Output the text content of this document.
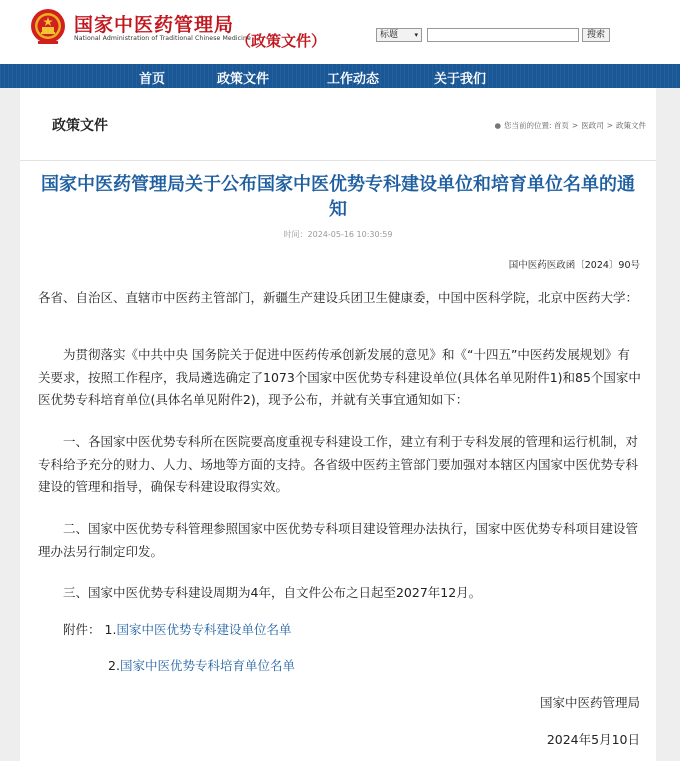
国家中医药管理局
National Administration of Traditional Chinese Medicine
（政策文件）	标题 ▾	搜索
首页	政策文件	工作动态	关于我们
政策文件	● 您当前的位置: 首页 > 医政司 > 政策文件
国家中医药管理局关于公布国家中医优势专科建设单位和培育单位名单的通知
时间：2024-05-16 10:30:59
国中医药医政函〔2024〕90号
各省、自治区、直辖市中医药主管部门，新疆生产建设兵团卫生健康委，中国中医科学院，北京中医药大学：
为贯彻落实《中共中央 国务院关于促进中医药传承创新发展的意见》和《“十四五”中医药发展规划》有关要求，按照工作程序，我局遴选确定了1073个国家中医优势专科建设单位(具体名单见附件1)和85个国家中医优势专科培育单位(具体名单见附件2)，现予公布，并就有关事宜通知如下：
一、各国家中医优势专科所在医院要高度重视专科建设工作，建立有利于专科发展的管理和运行机制，对专科给予充分的财力、人力、场地等方面的支持。各省级中医药主管部门要加强对本辖区内国家中医优势专科建设的管理和指导，确保专科建设取得实效。
二、国家中医优势专科管理参照国家中医优势专科项目建设管理办法执行，国家中医优势专科项目建设管理办法另行制定印发。
三、国家中医优势专科建设周期为4年，自文件公布之日起至2027年12月。
附件： 1.国家中医优势专科建设单位名单
2.国家中医优势专科培育单位名单
国家中医药管理局
2024年5月10日
